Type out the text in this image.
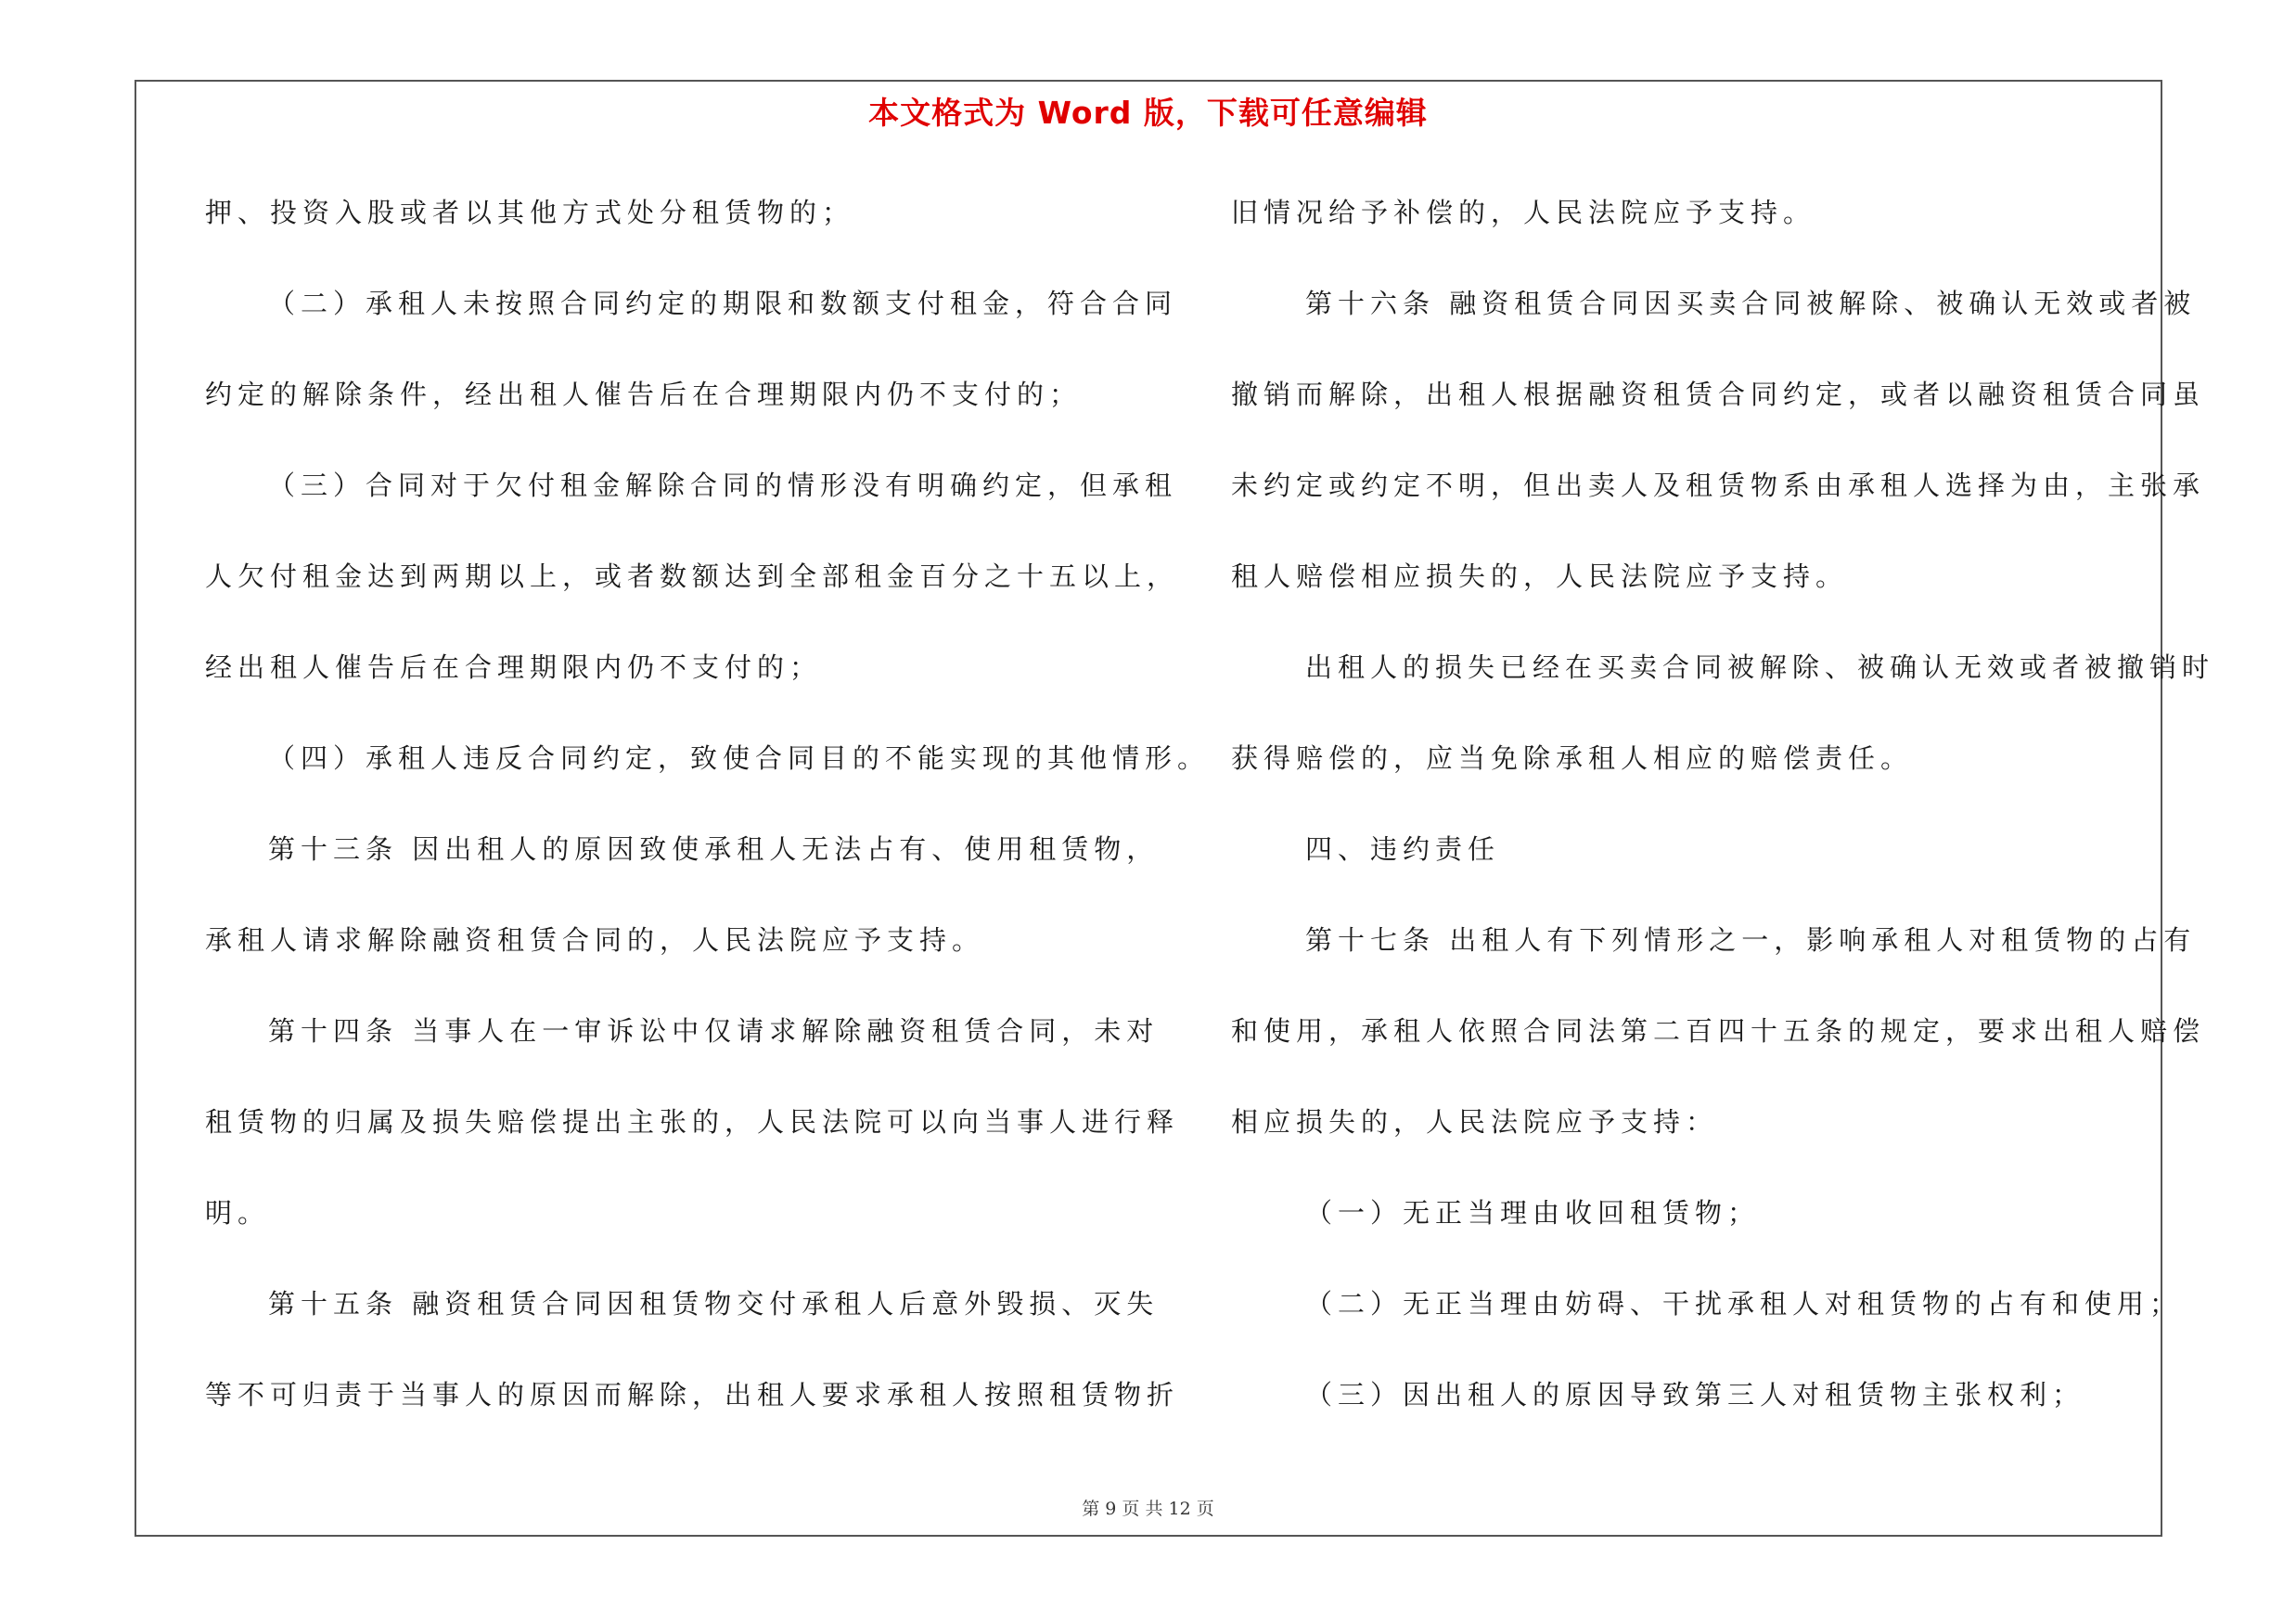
本文格式为 Word 版，下载可任意编辑
押、投资入股或者以其他方式处分租赁物的；
（二）承租人未按照合同约定的期限和数额支付租金，符合合同
约定的解除条件，经出租人催告后在合理期限内仍不支付的；
（三）合同对于欠付租金解除合同的情形没有明确约定，但承租
人欠付租金达到两期以上，或者数额达到全部租金百分之十五以上，
经出租人催告后在合理期限内仍不支付的；
（四）承租人违反合同约定，致使合同目的不能实现的其他情形。
第十三条 因出租人的原因致使承租人无法占有、使用租赁物，
承租人请求解除融资租赁合同的，人民法院应予支持。
第十四条 当事人在一审诉讼中仅请求解除融资租赁合同，未对
租赁物的归属及损失赔偿提出主张的，人民法院可以向当事人进行释
明。
第十五条 融资租赁合同因租赁物交付承租人后意外毁损、灭失
等不可归责于当事人的原因而解除，出租人要求承租人按照租赁物折
旧情况给予补偿的，人民法院应予支持。
第十六条 融资租赁合同因买卖合同被解除、被确认无效或者被
撤销而解除，出租人根据融资租赁合同约定，或者以融资租赁合同虽
未约定或约定不明，但出卖人及租赁物系由承租人选择为由，主张承
租人赔偿相应损失的，人民法院应予支持。
出租人的损失已经在买卖合同被解除、被确认无效或者被撤销时
获得赔偿的，应当免除承租人相应的赔偿责任。
四、违约责任
第十七条 出租人有下列情形之一，影响承租人对租赁物的占有
和使用，承租人依照合同法第二百四十五条的规定，要求出租人赔偿
相应损失的，人民法院应予支持：
（一）无正当理由收回租赁物；
（二）无正当理由妨碍、干扰承租人对租赁物的占有和使用；
（三）因出租人的原因导致第三人对租赁物主张权利；
第 9 页 共 12 页
